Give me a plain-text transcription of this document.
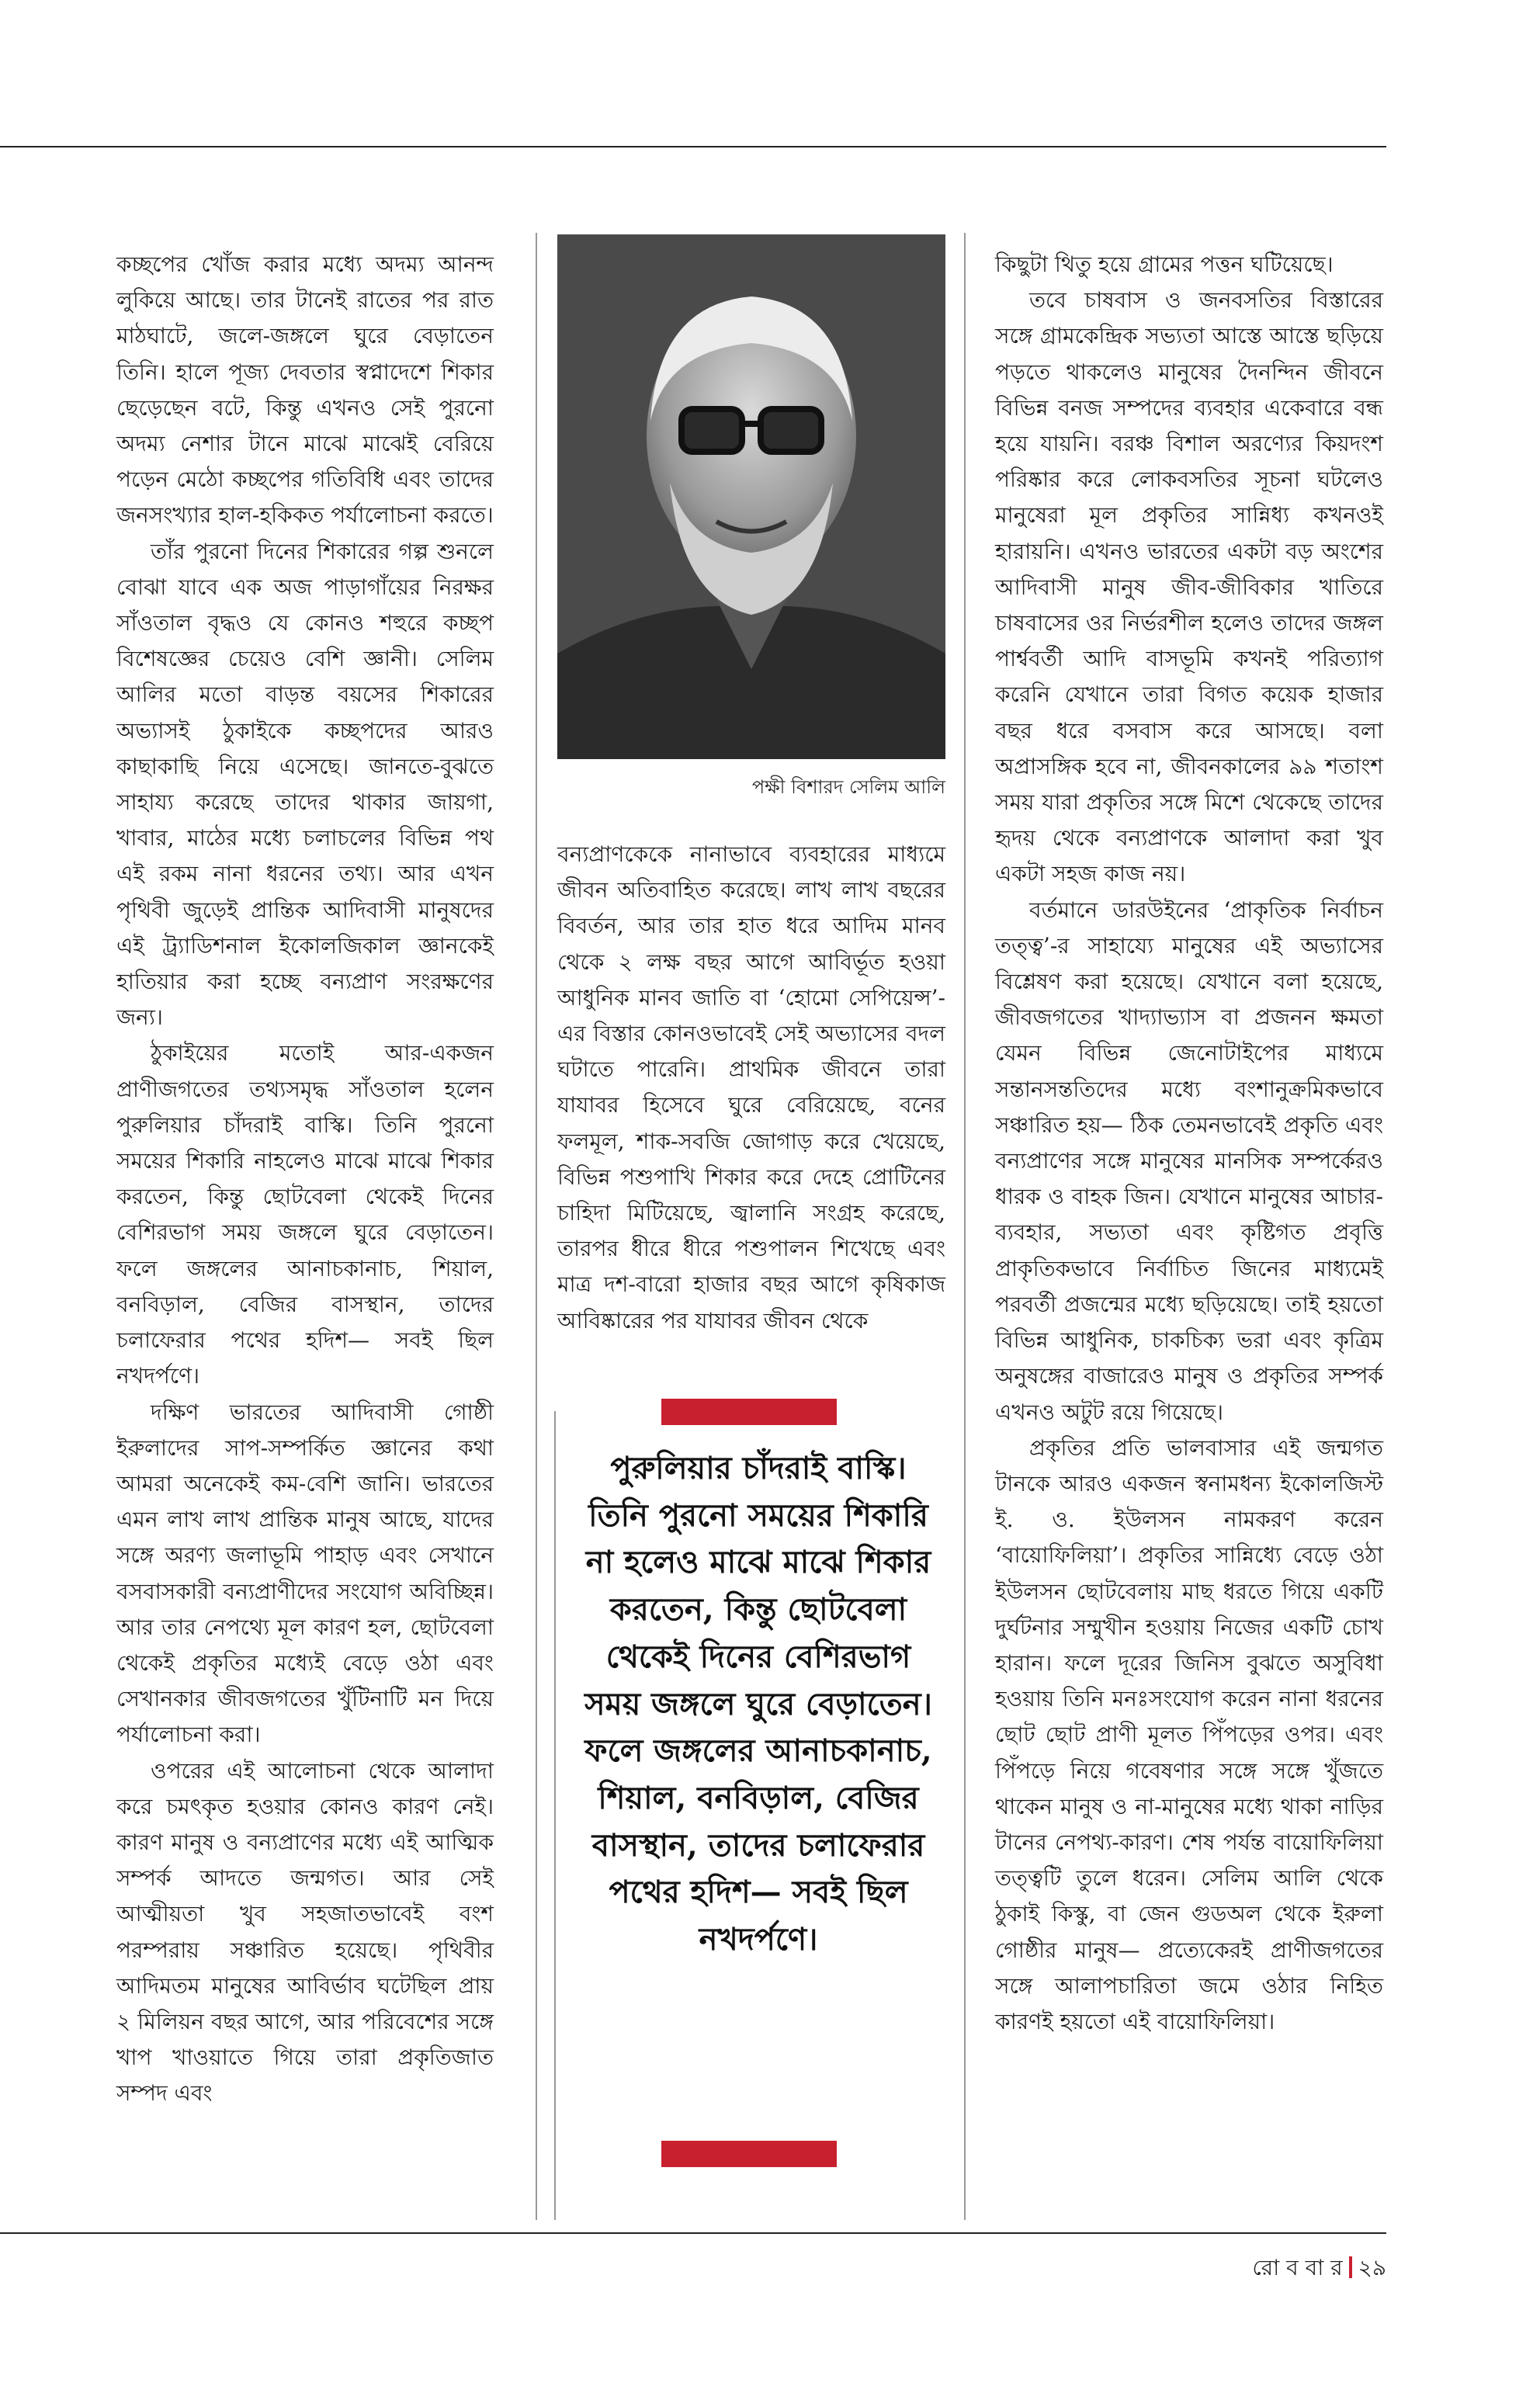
কচ্ছপের খোঁজ করার মধ্যে অদম্য আনন্দ লুকিয়ে আছে। তার টানেই রাতের পর রাত মাঠঘাটে, জলে-জঙ্গলে ঘুরে বেড়াতেন তিনি। হালে পূজ্য দেবতার স্বপ্নাদেশে শিকার ছেড়েছেন বটে, কিন্তু এখনও সেই পুরনো অদম্য নেশার টানে মাঝে মাঝেই বেরিয়ে পড়েন মেঠো কচ্ছপের গতিবিধি এবং তাদের জনসংখ্যার হাল-হকিকত পর্যালোচনা করতে।

তাঁর পুরনো দিনের শিকারের গল্প শুনলে বোঝা যাবে এক অজ পাড়াগাঁয়ের নিরক্ষর সাঁওতাল বৃদ্ধও যে কোনও শহুরে কচ্ছপ বিশেষজ্ঞের চেয়েও বেশি জ্ঞানী। সেলিম আলির মতো বাড়ন্ত বয়সের শিকারের অভ্যাসই ঠুকাইকে কচ্ছপদের আরও কাছাকাছি নিয়ে এসেছে। জানতে-বুঝতে সাহায্য করেছে তাদের থাকার জায়গা, খাবার, মাঠের মধ্যে চলাচলের বিভিন্ন পথ এই রকম নানা ধরনের তথ্য। আর এখন পৃথিবী জুড়েই প্রান্তিক আদিবাসী মানুষদের এই ট্র্যাডিশনাল ইকোলজিকাল জ্ঞানকেই হাতিয়ার করা হচ্ছে বন্যপ্রাণ সংরক্ষণের জন্য।

ঠুকাইয়ের মতোই আর-একজন প্রাণীজগতের তথ্যসমৃদ্ধ সাঁওতাল হলেন পুরুলিয়ার চাঁদরাই বাস্কি। তিনি পুরনো সময়ের শিকারি নাহলেও মাঝে মাঝে শিকার করতেন, কিন্তু ছোটবেলা থেকেই দিনের বেশিরভাগ সময় জঙ্গলে ঘুরে বেড়াতেন। ফলে জঙ্গলের আনাচকানাচ, শিয়াল, বনবিড়াল, বেজির বাসস্থান, তাদের চলাফেরার পথের হদিশ— সবই ছিল নখদর্পণে।

দক্ষিণ ভারতের আদিবাসী গোষ্ঠী ইরুলাদের সাপ-সম্পর্কিত জ্ঞানের কথা আমরা অনেকেই কম-বেশি জানি। ভারতের এমন লাখ লাখ প্রান্তিক মানুষ আছে, যাদের সঙ্গে অরণ্য জলাভূমি পাহাড় এবং সেখানে বসবাসকারী বন্যপ্রাণীদের সংযোগ অবিচ্ছিন্ন। আর তার নেপথ্যে মূল কারণ হল, ছোটবেলা থেকেই প্রকৃতির মধ্যেই বেড়ে ওঠা এবং সেখানকার জীবজগতের খুঁটিনাটি মন দিয়ে পর্যালোচনা করা।

ওপরের এই আলোচনা থেকে আলাদা করে চমৎকৃত হওয়ার কোনও কারণ নেই। কারণ মানুষ ও বন্যপ্রাণের মধ্যে এই আত্মিক সম্পর্ক আদতে জন্মগত। আর সেই আত্মীয়তা খুব সহজাতভাবেই বংশ পরম্পরায় সঞ্চারিত হয়েছে। পৃথিবীর আদিমতম মানুষের আবির্ভাব ঘটেছিল প্রায় ২ মিলিয়ন বছর আগে, আর পরিবেশের সঙ্গে খাপ খাওয়াতে গিয়ে তারা প্রকৃতিজাত সম্পদ এবং

পক্ষী বিশারদ সেলিম আলি

বন্যপ্রাণকেকে নানাভাবে ব্যবহারের মাধ্যমে জীবন অতিবাহিত করেছে। লাখ লাখ বছরের বিবর্তন, আর তার হাত ধরে আদিম মানব থেকে ২ লক্ষ বছর আগে আবির্ভূত হওয়া আধুনিক মানব জাতি বা ‘হোমো সেপিয়েন্স’-এর বিস্তার কোনওভাবেই সেই অভ্যাসের বদল ঘটাতে পারেনি। প্রাথমিক জীবনে তারা যাযাবর হিসেবে ঘুরে বেরিয়েছে, বনের ফলমূল, শাক-সবজি জোগাড় করে খেয়েছে, বিভিন্ন পশুপাখি শিকার করে দেহে প্রোটিনের চাহিদা মিটিয়েছে, জ্বালানি সংগ্রহ করেছে, তারপর ধীরে ধীরে পশুপালন শিখেছে এবং মাত্র দশ-বারো হাজার বছর আগে কৃষিকাজ আবিষ্কারের পর যাযাবর জীবন থেকে

পুরুলিয়ার চাঁদরাই বাস্কি। তিনি পুরনো সময়ের শিকারি না হলেও মাঝে মাঝে শিকার করতেন, কিন্তু ছোটবেলা থেকেই দিনের বেশিরভাগ সময় জঙ্গলে ঘুরে বেড়াতেন। ফলে জঙ্গলের আনাচকানাচ, শিয়াল, বনবিড়াল, বেজির বাসস্থান, তাদের চলাফেরার পথের হদিশ— সবই ছিল নখদর্পণে।

কিছুটা থিতু হয়ে গ্রামের পত্তন ঘটিয়েছে।

তবে চাষবাস ও জনবসতির বিস্তারের সঙ্গে গ্রামকেন্দ্রিক সভ্যতা আস্তে আস্তে ছড়িয়ে পড়তে থাকলেও মানুষের দৈনন্দিন জীবনে বিভিন্ন বনজ সম্পদের ব্যবহার একেবারে বন্ধ হয়ে যায়নি। বরঞ্চ বিশাল অরণ্যের কিয়দংশ পরিষ্কার করে লোকবসতির সূচনা ঘটলেও মানুষেরা মূল প্রকৃতির সান্নিধ্য কখনওই হারায়নি। এখনও ভারতের একটা বড় অংশের আদিবাসী মানুষ জীব-জীবিকার খাতিরে চাষবাসের ওর নির্ভরশীল হলেও তাদের জঙ্গল পার্শ্ববর্তী আদি বাসভূমি কখনই পরিত্যাগ করেনি যেখানে তারা বিগত কয়েক হাজার বছর ধরে বসবাস করে আসছে। বলা অপ্রাসঙ্গিক হবে না, জীবনকালের ৯৯ শতাংশ সময় যারা প্রকৃতির সঙ্গে মিশে থেকেছে তাদের হৃদয় থেকে বন্যপ্রাণকে আলাদা করা খুব একটা সহজ কাজ নয়।

বর্তমানে ডারউইনের ‘প্রাকৃতিক নির্বাচন তত্ত্ব’-র সাহায্যে মানুষের এই অভ্যাসের বিশ্লেষণ করা হয়েছে। যেখানে বলা হয়েছে, জীবজগতের খাদ্যাভ্যাস বা প্রজনন ক্ষমতা যেমন বিভিন্ন জেনোটাইপের মাধ্যমে সন্তানসন্ততিদের মধ্যে বংশানুক্রমিকভাবে সঞ্চারিত হয়— ঠিক তেমনভাবেই প্রকৃতি এবং বন্যপ্রাণের সঙ্গে মানুষের মানসিক সম্পর্কেরও ধারক ও বাহক জিন। যেখানে মানুষের আচার-ব্যবহার, সভ্যতা এবং কৃষ্টিগত প্রবৃত্তি প্রাকৃতিকভাবে নির্বাচিত জিনের মাধ্যমেই পরবর্তী প্রজন্মের মধ্যে ছড়িয়েছে। তাই হয়তো বিভিন্ন আধুনিক, চাকচিক্য ভরা এবং কৃত্রিম অনুষঙ্গের বাজারেও মানুষ ও প্রকৃতির সম্পর্ক এখনও অটুট রয়ে গিয়েছে।

প্রকৃতির প্রতি ভালবাসার এই জন্মগত টানকে আরও একজন স্বনামধন্য ইকোলজিস্ট ই. ও. ইউলসন নামকরণ করেন ‘বায়োফিলিয়া’। প্রকৃতির সান্নিধ্যে বেড়ে ওঠা ইউলসন ছোটবেলায় মাছ ধরতে গিয়ে একটি দুর্ঘটনার সম্মুখীন হওয়ায় নিজের একটি চোখ হারান। ফলে দূরের জিনিস বুঝতে অসুবিধা হওয়ায় তিনি মনঃসংযোগ করেন নানা ধরনের ছোট ছোট প্রাণী মূলত পিঁপড়ের ওপর। এবং পিঁপড়ে নিয়ে গবেষণার সঙ্গে সঙ্গে খুঁজতে থাকেন মানুষ ও না-মানুষের মধ্যে থাকা নাড়ির টানের নেপথ্য-কারণ। শেষ পর্যন্ত বায়োফিলিয়া তত্ত্বটি তুলে ধরেন। সেলিম আলি থেকে ঠুকাই কিস্কু, বা জেন গুডঅল থেকে ইরুলা গোষ্ঠীর মানুষ— প্রত্যেকেরই প্রাণীজগতের সঙ্গে আলাপচারিতা জমে ওঠার নিহিত কারণই হয়তো এই বায়োফিলিয়া।

রো ব বা র ২৯
